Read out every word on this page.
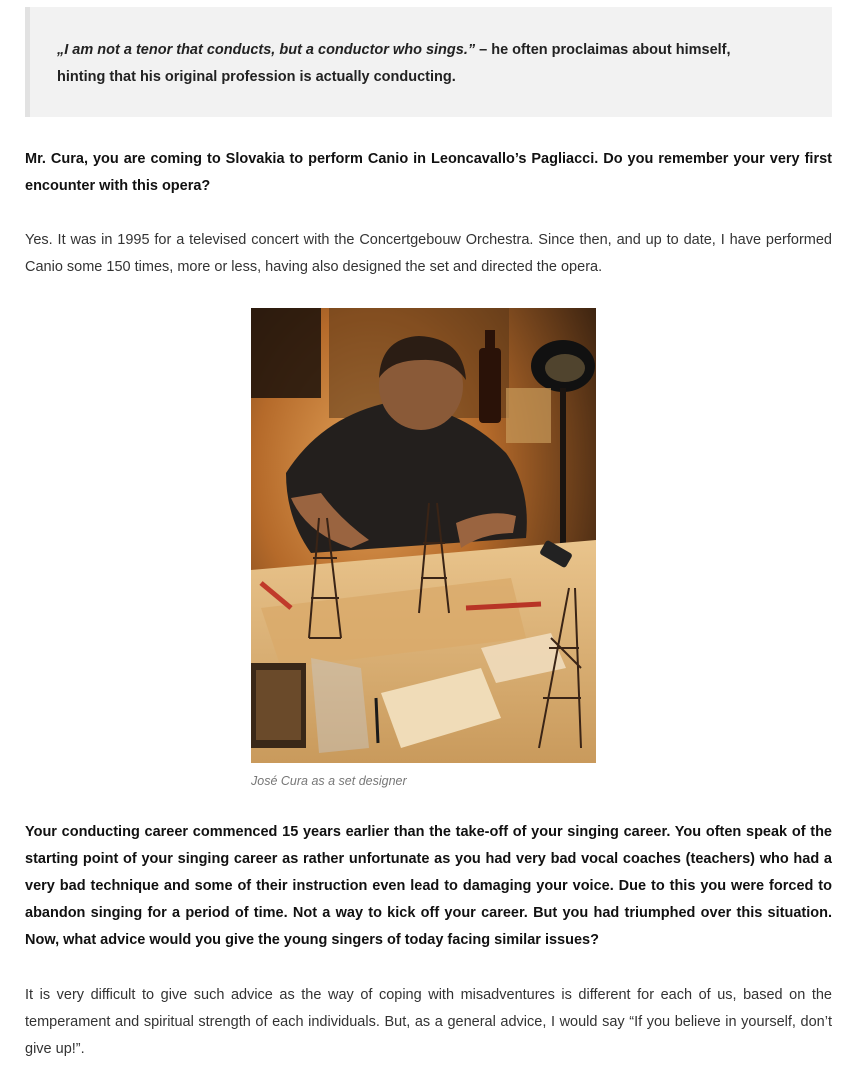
„I am not a tenor that conducts, but a conductor who sings.” – he often proclaimas about himself,
hinting that his original profession is actually conducting.

Mr. Cura, you are coming to Slovakia to perform Canio in Leoncavallo’s Pagliacci. Do you remember your very first encounter with this opera?

Yes. It was in 1995 for a televised concert with the Concertgebouw Orchestra. Since then, and up to date, I have performed Canio some 150 times, more or less, having also designed the set and directed the opera.

José Cura as a set designer

Your conducting career commenced 15 years earlier than the take-off of your singing career. You often speak of the starting point of your singing career as rather unfortunate as you had very bad vocal coaches (teachers) who had a very bad technique and some of their instruction even lead to damaging your voice. Due to this you were forced to abandon singing for a period of time. Not a way to kick off your career. But you had triumphed over this situation. Now, what advice would you give the young singers of today facing similar issues?

It is very difficult to give such advice as the way of coping with misadventures is different for each of us, based on the temperament and spiritual strength of each individuals. But, as a general advice, I would say “If you believe in yourself, don’t give up!”.
